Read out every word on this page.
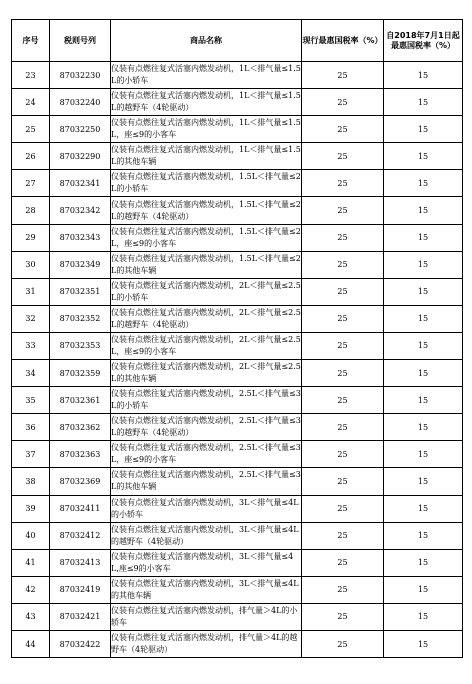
序号	税则号列	商品名称	现行最惠国税率（%）	自2018年7月1日起最惠国税率（%）
23	87032230	仪装有点燃往复式活塞内燃发动机，1L＜排气量≤1.5L的小轿车	25	15
24	87032240	仪装有点燃往复式活塞内燃发动机，1L＜排气量≤1.5L的越野车（4轮驱动）	25	15
25	87032250	仪装有点燃往复式活塞内燃发动机，1L＜排气量≤1.5L，座≤9的小客车	25	15
26	87032290	仪装有点燃往复式活塞内燃发动机，1L＜排气量≤1.5L的其他车辆	25	15
27	87032341	仪装有点燃往复式活塞内燃发动机，1.5L＜排气量≤2L的小轿车	25	15
28	87032342	仪装有点燃往复式活塞内燃发动机，1.5L＜排气量≤2L的越野车（4轮驱动）	25	15
29	87032343	仪装有点燃往复式活塞内燃发动机，1.5L＜排气量≤2L，座≤9的小客车	25	15
30	87032349	仪装有点燃往复式活塞内燃发动机，1.5L＜排气量≤2L的其他车辆	25	15
31	87032351	仪装有点燃往复式活塞内燃发动机，2L＜排气量≤2.5L的小轿车	25	15
32	87032352	仪装有点燃往复式活塞内燃发动机，2L＜排气量≤2.5L的越野车（4轮驱动）	25	15
33	87032353	仪装有点燃往复式活塞内燃发动机，2L＜排气量≤2.5L，座≤9的小客车	25	15
34	87032359	仪装有点燃往复式活塞内燃发动机，2L＜排气量≤2.5L的其他车辆	25	15
35	87032361	仪装有点燃往复式活塞内燃发动机，2.5L＜排气量≤3L的小轿车	25	15
36	87032362	仪装有点燃往复式活塞内燃发动机，2.5L＜排气量≤3L的越野车（4轮驱动）	25	15
37	87032363	仪装有点燃往复式活塞内燃发动机，2.5L＜排气量≤3L，座≤9的小客车	25	15
38	87032369	仪装有点燃往复式活塞内燃发动机，2.5L＜排气量≤3L的其他车辆	25	15
39	87032411	仪装有点燃往复式活塞内燃发动机，3L＜排气量≤4L的小轿车	25	15
40	87032412	仪装有点燃往复式活塞内燃发动机，3L＜排气量≤4L的越野车（4轮驱动）	25	15
41	87032413	仪装有点燃往复式活塞内燃发动机，3L＜排气量≤4L,座≤9的小客车	25	15
42	87032419	仪装有点燃往复式活塞内燃发动机，3L＜排气量≤4L的其他车辆	25	15
43	87032421	仪装有点燃往复式活塞内燃发动机，排气量＞4L的小轿车	25	15
44	87032422	仪装有点燃往复式活塞内燃发动机，排气量＞4L的越野车（4轮驱动）	25	15
